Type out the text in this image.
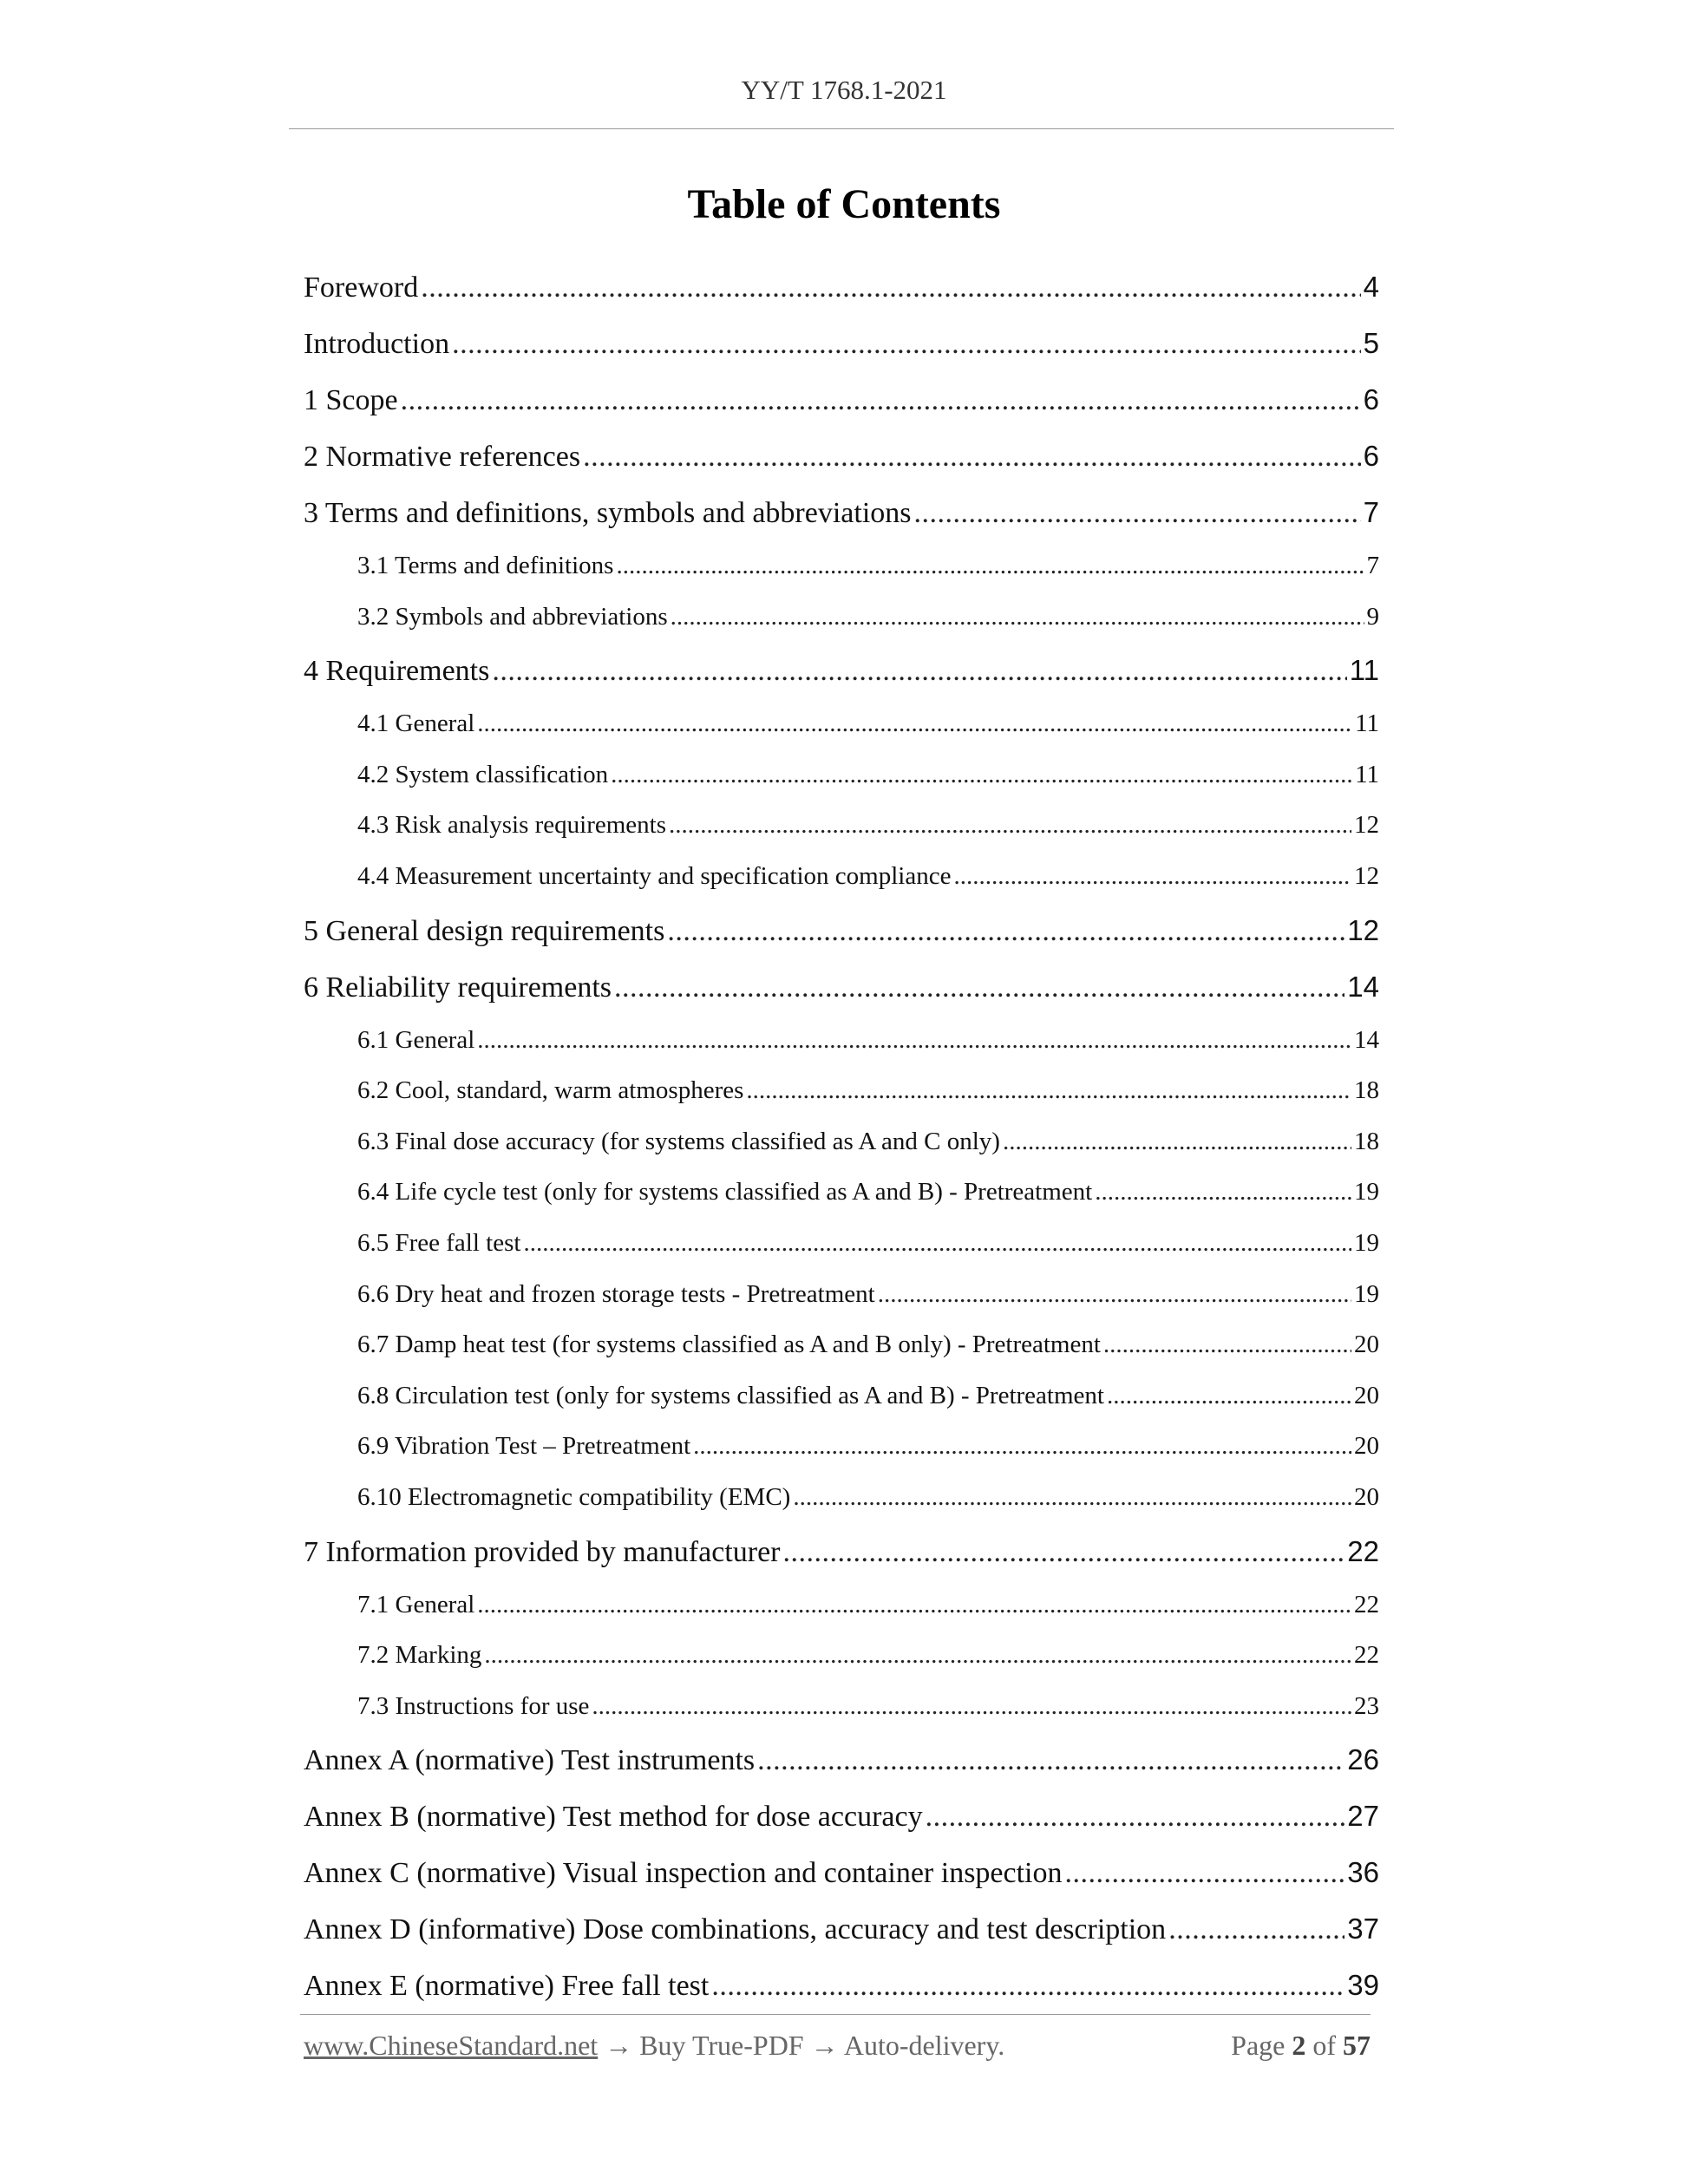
YY/T 1768.1-2021
Table of Contents
Foreword .....	4
Introduction .....	5
1 Scope .....	6
2 Normative references .....	6
3 Terms and definitions, symbols and abbreviations .....	7
3.1 Terms and definitions .....	7
3.2 Symbols and abbreviations .....	9
4 Requirements .....	11
4.1 General .....	11
4.2 System classification .....	11
4.3 Risk analysis requirements .....	12
4.4 Measurement uncertainty and specification compliance .....	12
5 General design requirements .....	12
6 Reliability requirements .....	14
6.1 General .....	14
6.2 Cool, standard, warm atmospheres .....	18
6.3 Final dose accuracy (for systems classified as A and C only) .....	18
6.4 Life cycle test (only for systems classified as A and B) - Pretreatment .....	19
6.5 Free fall test .....	19
6.6 Dry heat and frozen storage tests - Pretreatment .....	19
6.7 Damp heat test (for systems classified as A and B only) - Pretreatment .....	20
6.8 Circulation test (only for systems classified as A and B) - Pretreatment .....	20
6.9 Vibration Test – Pretreatment .....	20
6.10 Electromagnetic compatibility (EMC) .....	20
7 Information provided by manufacturer .....	22
7.1 General .....	22
7.2 Marking .....	22
7.3 Instructions for use .....	23
Annex A (normative) Test instruments .....	26
Annex B (normative) Test method for dose accuracy .....	27
Annex C (normative) Visual inspection and container inspection .....	36
Annex D (informative) Dose combinations, accuracy and test description .....	37
Annex E (normative) Free fall test .....	39
www.ChineseStandard.net → Buy True-PDF → Auto-delivery.	Page 2 of 57
